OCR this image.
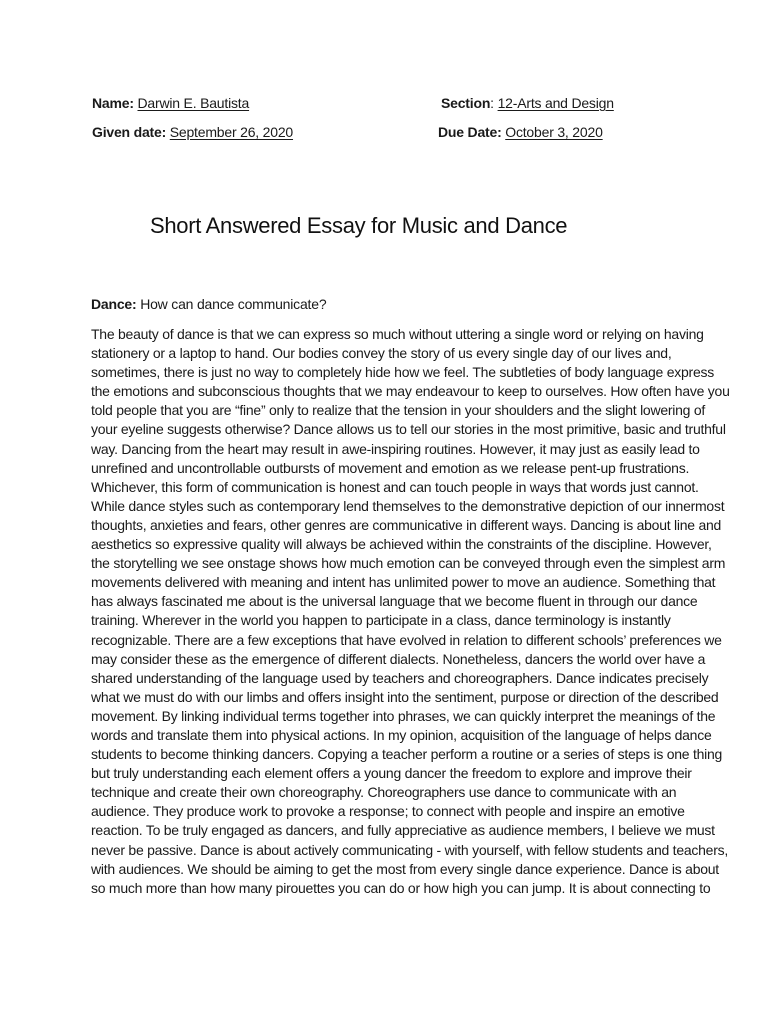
Name: Darwin E. Bautista	Section: 12-Arts and Design
Given date: September 26, 2020	Due Date: October 3, 2020
Short Answered Essay for Music and Dance
Dance: How can dance communicate?
The beauty of dance is that we can express so much without uttering a single word or relying on having
stationery or a laptop to hand. Our bodies convey the story of us every single day of our lives and,
sometimes, there is just no way to completely hide how we feel. The subtleties of body language express
the emotions and subconscious thoughts that we may endeavour to keep to ourselves. How often have you
told people that you are “fine” only to realize that the tension in your shoulders and the slight lowering of
your eyeline suggests otherwise? Dance allows us to tell our stories in the most primitive, basic and truthful
way. Dancing from the heart may result in awe-inspiring routines. However, it may just as easily lead to
unrefined and uncontrollable outbursts of movement and emotion as we release pent-up frustrations.
Whichever, this form of communication is honest and can touch people in ways that words just cannot.
While dance styles such as contemporary lend themselves to the demonstrative depiction of our innermost
thoughts, anxieties and fears, other genres are communicative in different ways. Dancing is about line and
aesthetics so expressive quality will always be achieved within the constraints of the discipline. However,
the storytelling we see onstage shows how much emotion can be conveyed through even the simplest arm
movements delivered with meaning and intent has unlimited power to move an audience. Something that
has always fascinated me about is the universal language that we become fluent in through our dance
training. Wherever in the world you happen to participate in a class, dance terminology is instantly
recognizable. There are a few exceptions that have evolved in relation to different schools’ preferences we
may consider these as the emergence of different dialects. Nonetheless, dancers the world over have a
shared understanding of the language used by teachers and choreographers. Dance indicates precisely
what we must do with our limbs and offers insight into the sentiment, purpose or direction of the described
movement. By linking individual terms together into phrases, we can quickly interpret the meanings of the
words and translate them into physical actions. In my opinion, acquisition of the language of helps dance
students to become thinking dancers. Copying a teacher perform a routine or a series of steps is one thing
but truly understanding each element offers a young dancer the freedom to explore and improve their
technique and create their own choreography. Choreographers use dance to communicate with an
audience. They produce work to provoke a response; to connect with people and inspire an emotive
reaction. To be truly engaged as dancers, and fully appreciative as audience members, I believe we must
never be passive. Dance is about actively communicating - with yourself, with fellow students and teachers,
with audiences. We should be aiming to get the most from every single dance experience. Dance is about
so much more than how many pirouettes you can do or how high you can jump. It is about connecting to
